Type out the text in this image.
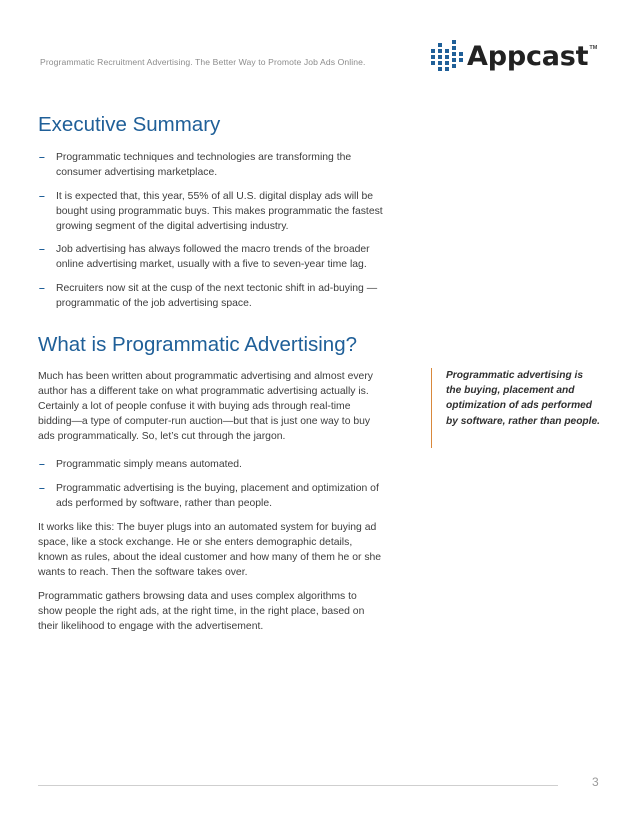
Programmatic Recruitment Advertising. The Better Way to Promote Job Ads Online.	Appcast TM
Executive Summary
– Programmatic techniques and technologies are transforming the consumer advertising marketplace.
– It is expected that, this year, 55% of all U.S. digital display ads will be bought using programmatic buys. This makes programmatic the fastest growing segment of the digital advertising industry.
– Job advertising has always followed the macro trends of the broader online advertising market, usually with a five to seven-year time lag.
– Recruiters now sit at the cusp of the next tectonic shift in ad-buying — programmatic of the job advertising space.
What is Programmatic Advertising?

Much has been written about programmatic advertising and almost every author has a different take on what programmatic advertising actually is. Certainly a lot of people confuse it with buying ads through real-time bidding—a type of computer-run auction—but that is just one way to buy ads programmatically. So, let’s cut through the jargon.

– Programmatic simply means automated.
– Programmatic advertising is the buying, placement and optimization of ads performed by software, rather than people.

It works like this: The buyer plugs into an automated system for buying ad space, like a stock exchange. He or she enters demographic details, known as rules, about the ideal customer and how many of them he or she wants to reach. Then the software takes over.

Programmatic gathers browsing data and uses complex algorithms to show people the right ads, at the right time, in the right place, based on their likelihood to engage with the advertisement.

Programmatic advertising is the buying, placement and optimization of ads performed by software, rather than people.
3
